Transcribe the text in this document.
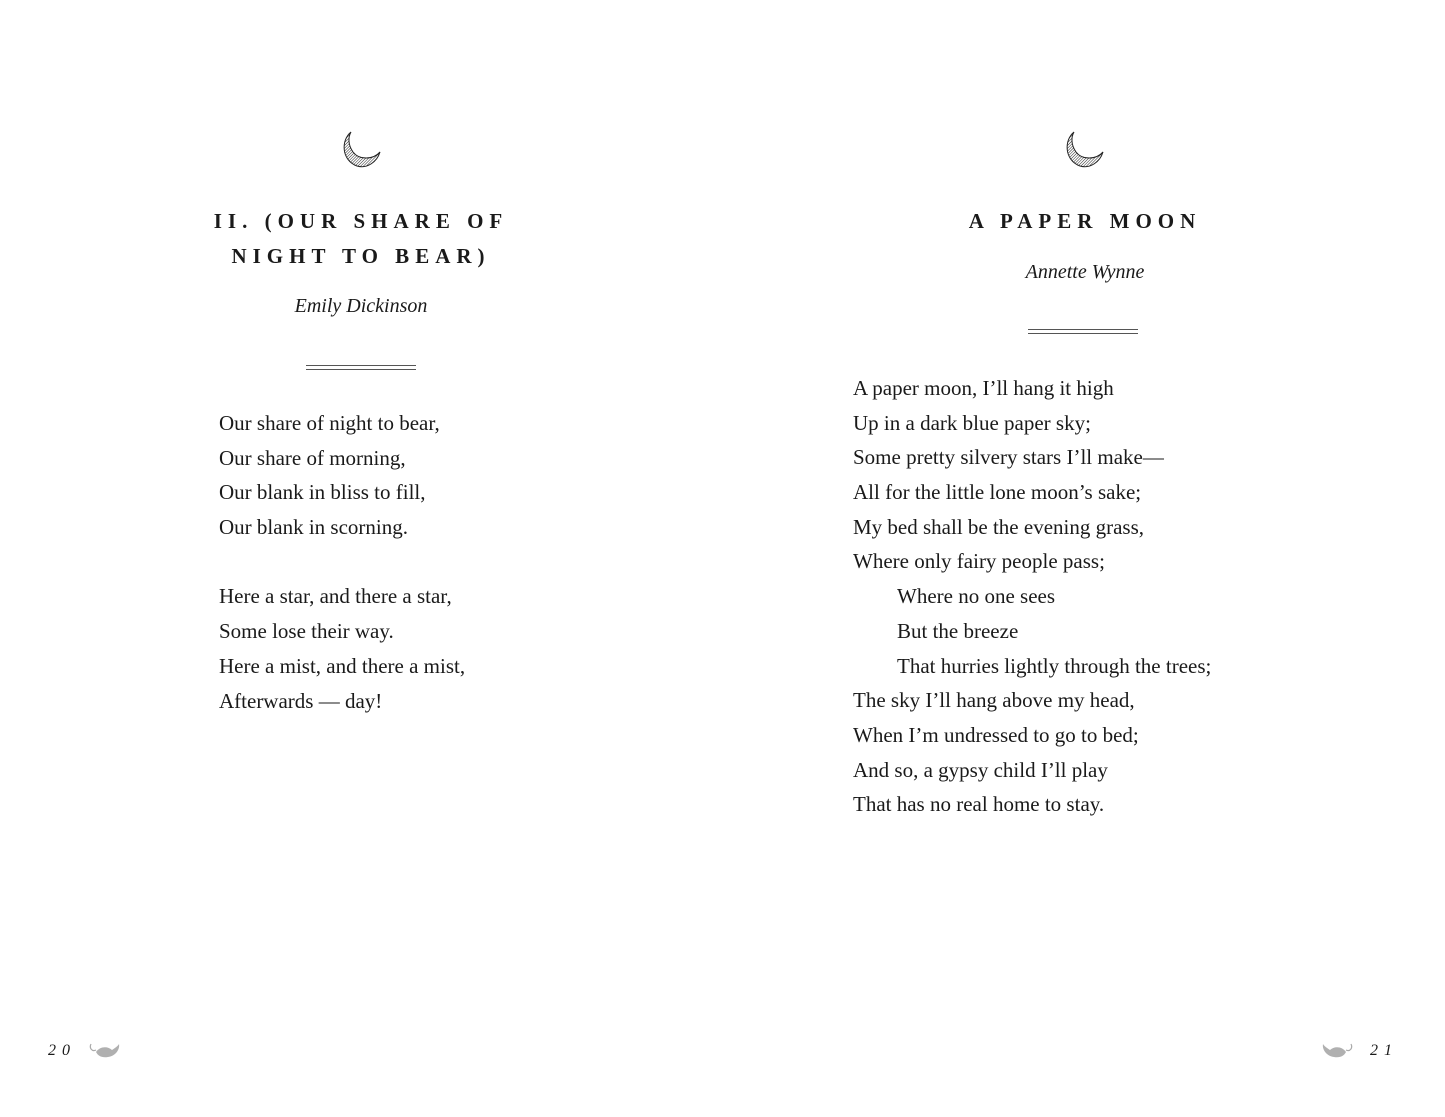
II. (OUR SHARE OF
NIGHT TO BEAR)
Emily Dickinson
Our share of night to bear,
Our share of morning,
Our blank in bliss to fill,
Our blank in scorning.
Here a star, and there a star,
Some lose their way.
Here a mist, and there a mist,
Afterwards — day!
20
A PAPER MOON
Annette Wynne
A paper moon, I’ll hang it high
Up in a dark blue paper sky;
Some pretty silvery stars I’ll make—
All for the little lone moon’s sake;
My bed shall be the evening grass,
Where only fairy people pass;
Where no one sees
But the breeze
That hurries lightly through the trees;
The sky I’ll hang above my head,
When I’m undressed to go to bed;
And so, a gypsy child I’ll play
That has no real home to stay.
21
